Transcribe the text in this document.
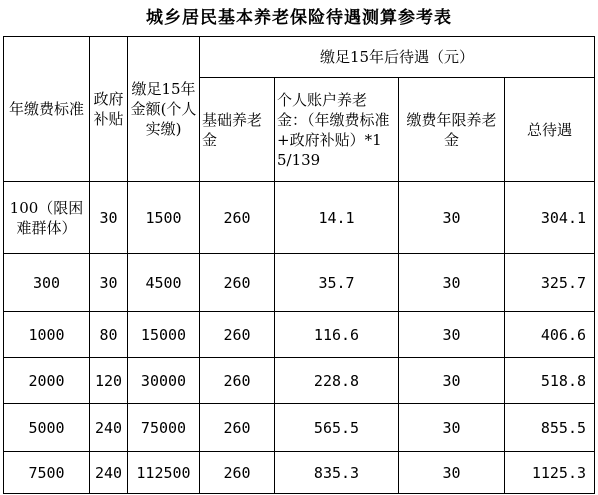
城乡居民基本养老保险待遇测算参考表
年缴费标准	政府补贴	缴足15年金额(个人实缴)	缴足15年后待遇（元）			
			基础养老金	个人账户养老金：（年缴费标准+政府补贴）*15/139	缴费年限养老金	总待遇
100（限困难群体）	30	1500	260	14.1	30	304.1
300	30	4500	260	35.7	30	325.7
1000	80	15000	260	116.6	30	406.6
2000	120	30000	260	228.8	30	518.8
5000	240	75000	260	565.5	30	855.5
7500	240	112500	260	835.3	30	1125.3
